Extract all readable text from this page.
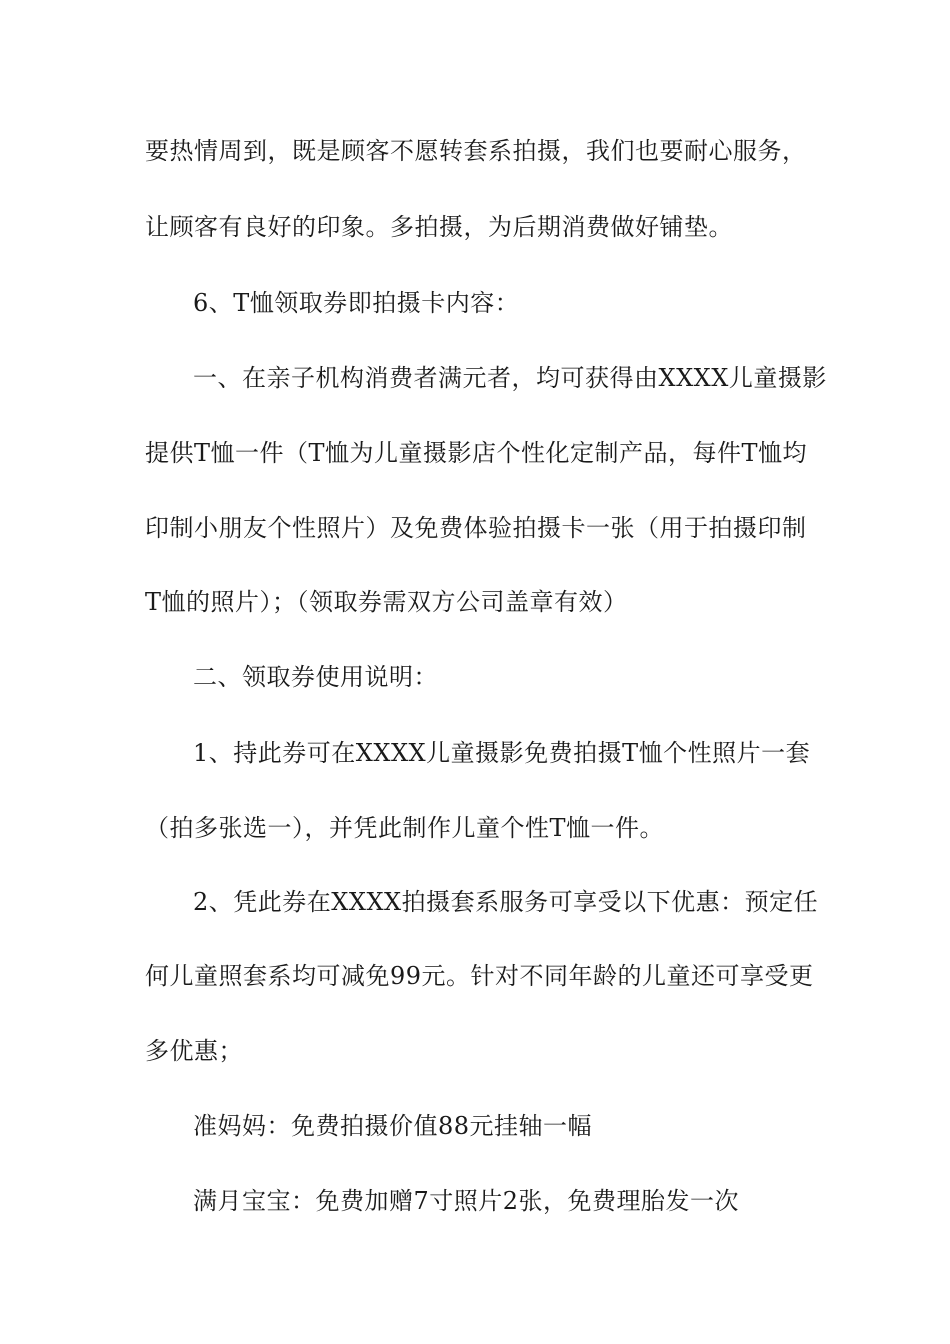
要热情周到，既是顾客不愿转套系拍摄，我们也要耐心服务，
让顾客有良好的印象。多拍摄，为后期消费做好铺垫。
6、T恤领取券即拍摄卡内容：
一、在亲子机构消费者满元者，均可获得由XXXX儿童摄影
提供T恤一件（T恤为儿童摄影店个性化定制产品，每件T恤均
印制小朋友个性照片）及免费体验拍摄卡一张（用于拍摄印制
T恤的照片）；（领取券需双方公司盖章有效）
二、领取券使用说明：
1、持此券可在XXXX儿童摄影免费拍摄T恤个性照片一套
（拍多张选一），并凭此制作儿童个性T恤一件。
2、凭此券在XXXX拍摄套系服务可享受以下优惠：预定任
何儿童照套系均可减免99元。针对不同年龄的儿童还可享受更
多优惠；
准妈妈：免费拍摄价值88元挂轴一幅
满月宝宝：免费加赠7寸照片2张，免费理胎发一次
